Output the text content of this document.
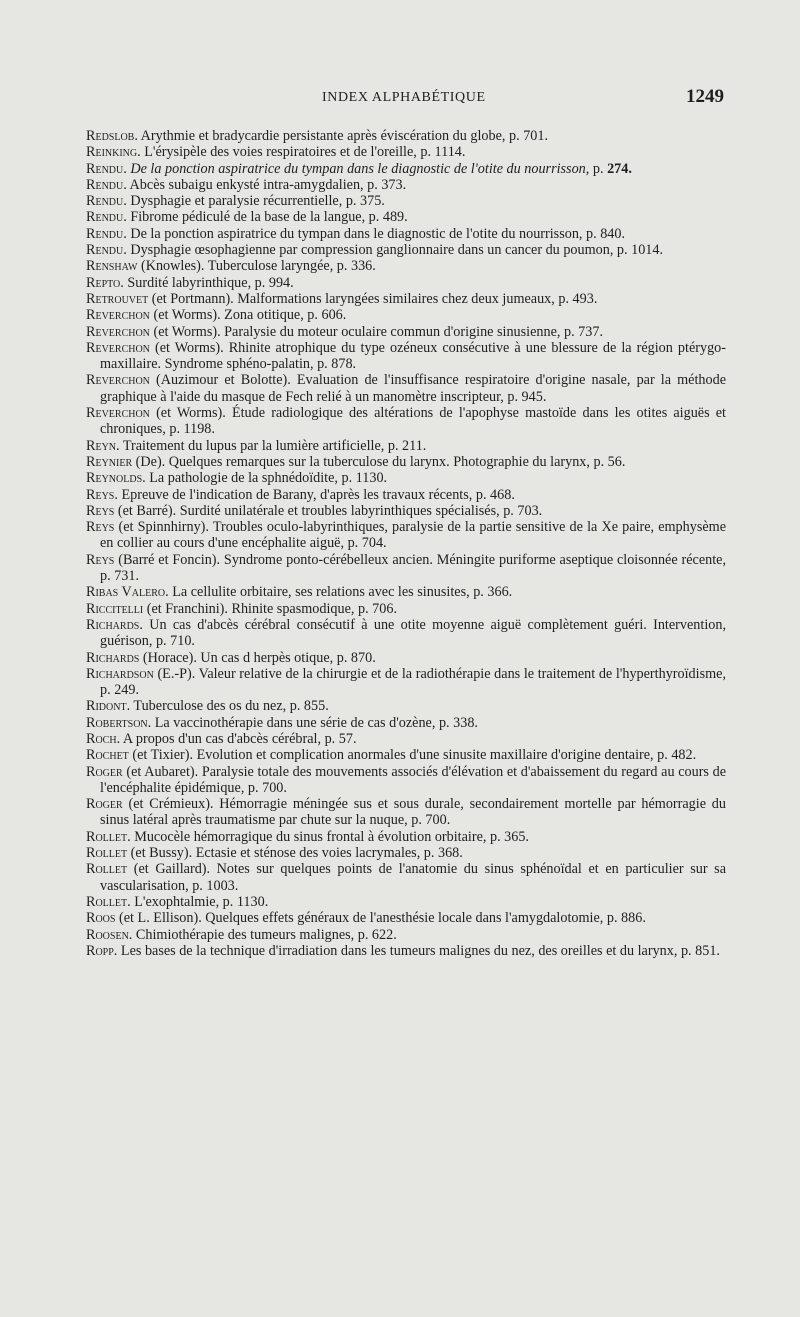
INDEX ALPHABÉTIQUE	1249
Redslob. Arythmie et bradycardie persistante après éviscération du globe, p. 701.
Reinking. L'érysipèle des voies respiratoires et de l'oreille, p. 1114.
Rendu. De la ponction aspiratrice du tympan dans le diagnostic de l'otite du nourrisson, p. 274.
Rendu. Abcès subaigu enkysté intra-amygdalien, p. 373.
Rendu. Dysphagie et paralysie récurrentielle, p. 375.
Rendu. Fibrome pédiculé de la base de la langue, p. 489.
Rendu. De la ponction aspiratrice du tympan dans le diagnostic de l'otite du nourrisson, p. 840.
Rendu. Dysphagie œsophagienne par compression ganglionnaire dans un cancer du poumon, p. 1014.
Renshaw (Knowles). Tuberculose laryngée, p. 336.
Repto. Surdité labyrinthique, p. 994.
Retrouvet (et Portmann). Malformations laryngées similaires chez deux jumeaux, p. 493.
Reverchon (et Worms). Zona otitique, p. 606.
Reverchon (et Worms). Paralysie du moteur oculaire commun d'origine sinusienne, p. 737.
Reverchon (et Worms). Rhinite atrophique du type ozéneux consécutive à une blessure de la région ptérygo-maxillaire. Syndrome sphéno-palatin, p. 878.
Reverchon (Auzimour et Bolotte). Evaluation de l'insuffisance respiratoire d'origine nasale, par la méthode graphique à l'aide du masque de Fech relié à un manomètre inscripteur, p. 945.
Reverchon (et Worms). Étude radiologique des altérations de l'apophyse mastoïde dans les otites aiguës et chroniques, p. 1198.
Reyn. Traitement du lupus par la lumière artificielle, p. 211.
Reynier (De). Quelques remarques sur la tuberculose du larynx. Photographie du larynx, p. 56.
Reynolds. La pathologie de la sphnédoïdite, p. 1130.
Reys. Epreuve de l'indication de Barany, d'après les travaux récents, p. 468.
Reys (et Barré). Surdité unilatérale et troubles labyrinthiques spécialisés, p. 703.
Reys (et Spinnhirny). Troubles oculo-labyrinthiques, paralysie de la partie sensitive de la Xe paire, emphysème en collier au cours d'une encéphalite aiguë, p. 704.
Reys (Barré et Foncin). Syndrome ponto-cérébelleux ancien. Méningite puriforme aseptique cloisonnée récente, p. 731.
Ribas Valero. La cellulite orbitaire, ses relations avec les sinusites, p. 366.
Riccitelli (et Franchini). Rhinite spasmodique, p. 706.
Richards. Un cas d'abcès cérébral consécutif à une otite moyenne aiguë complètement guéri. Intervention, guérison, p. 710.
Richards (Horace). Un cas d herpès otique, p. 870.
Richardson (E.-P). Valeur relative de la chirurgie et de la radiothérapie dans le traitement de l'hyperthyroïdisme, p. 249.
Ridont. Tuberculose des os du nez, p. 855.
Robertson. La vaccinothérapie dans une série de cas d'ozène, p. 338.
Roch. A propos d'un cas d'abcès cérébral, p. 57.
Rochet (et Tixier). Evolution et complication anormales d'une sinusite maxillaire d'origine dentaire, p. 482.
Roger (et Aubaret). Paralysie totale des mouvements associés d'élévation et d'abaissement du regard au cours de l'encéphalite épidémique, p. 700.
Roger (et Crémieux). Hémorragie méningée sus et sous durale, secondairement mortelle par hémorragie du sinus latéral après traumatisme par chute sur la nuque, p. 700.
Rollet. Mucocèle hémorragique du sinus frontal à évolution orbitaire, p. 365.
Rollet (et Bussy). Ectasie et sténose des voies lacrymales, p. 368.
Rollet (et Gaillard). Notes sur quelques points de l'anatomie du sinus sphénoïdal et en particulier sur sa vascularisation, p. 1003.
Rollet. L'exophtalmie, p. 1130.
Roos (et L. Ellison). Quelques effets généraux de l'anesthésie locale dans l'amygdalotomie, p. 886.
Roosen. Chimiothérapie des tumeurs malignes, p. 622.
Ropp. Les bases de la technique d'irradiation dans les tumeurs malignes du nez, des oreilles et du larynx, p. 851.
